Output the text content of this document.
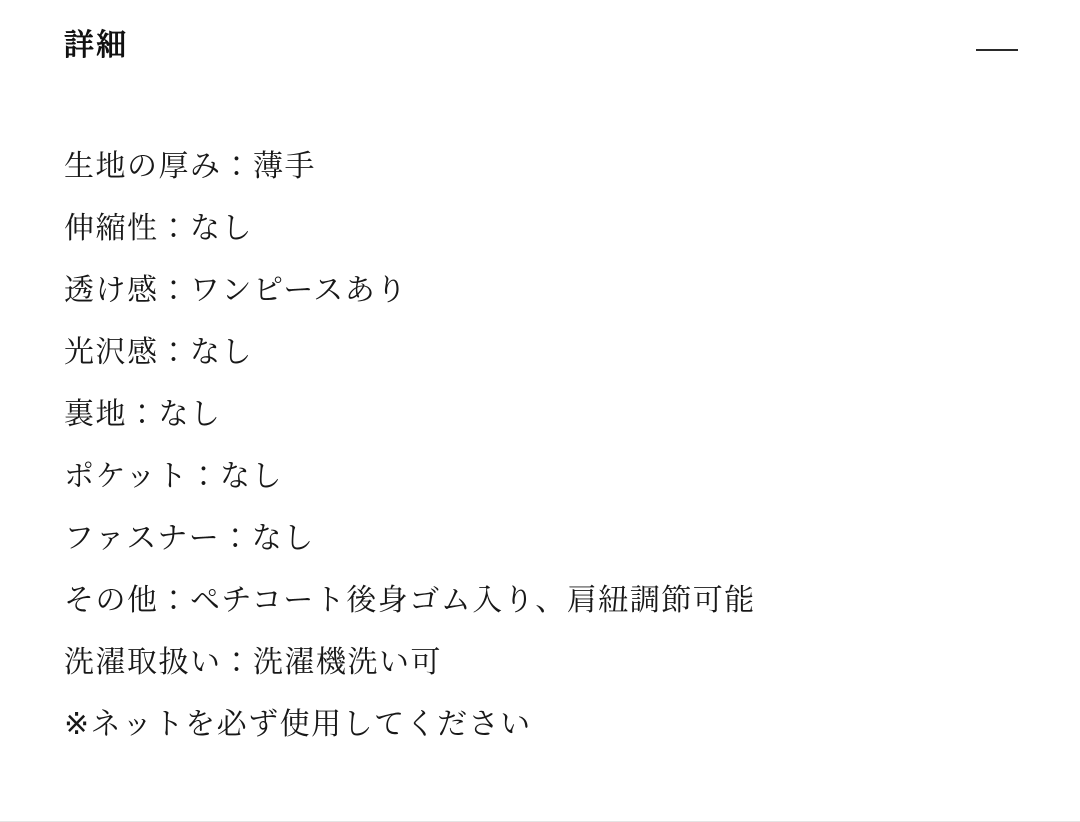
詳細
生地の厚み：薄手
伸縮性：なし
透け感：ワンピースあり
光沢感：なし
裏地：なし
ポケット：なし
ファスナー：なし
その他：ペチコート後身ゴム入り、肩紐調節可能
洗濯取扱い：洗濯機洗い可
※ネットを必ず使用してください
